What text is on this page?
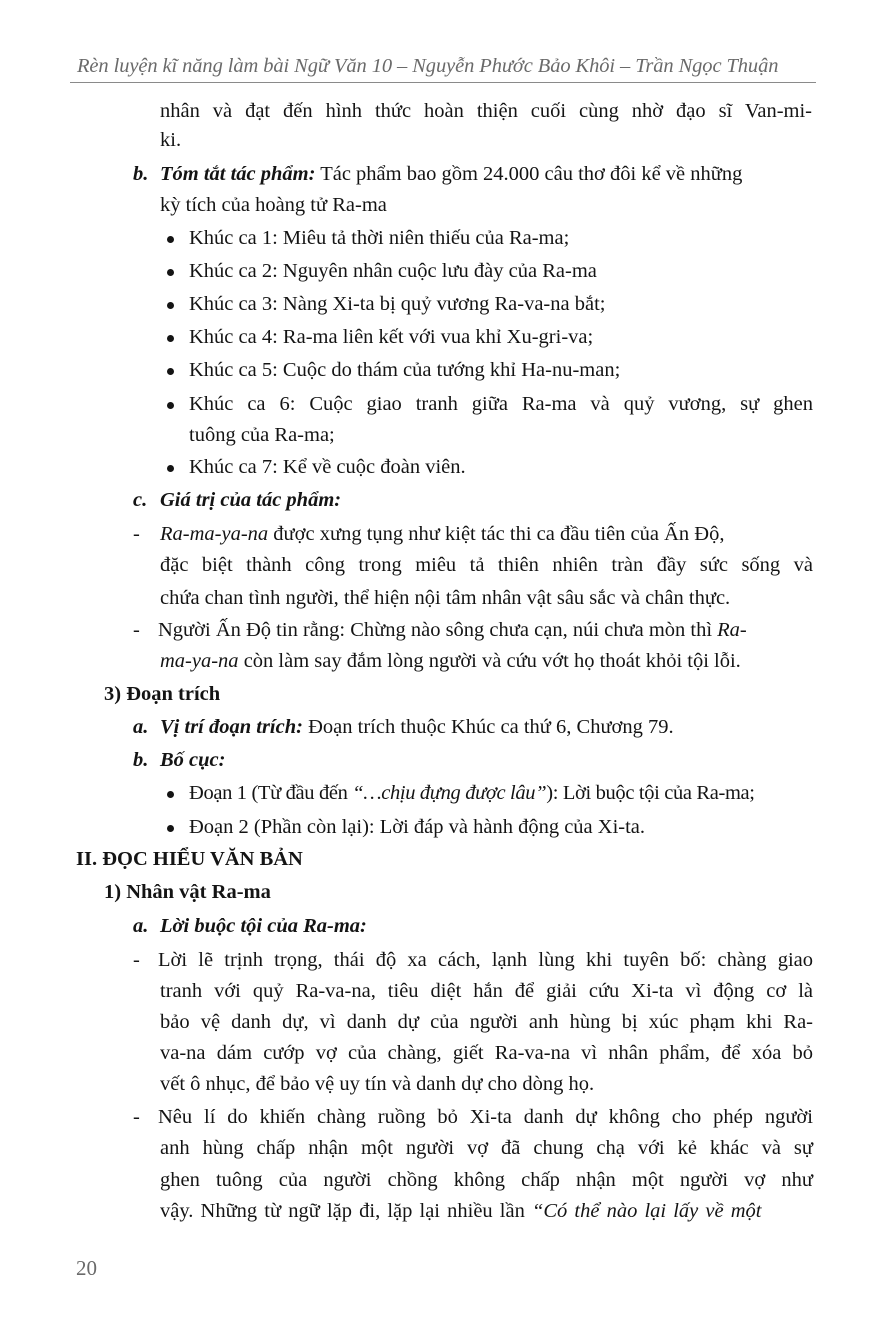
Rèn luyện kĩ năng làm bài Ngữ Văn 10 – Nguyễn Phước Bảo Khôi – Trần Ngọc Thuận
nhân và đạt đến hình thức hoàn thiện cuối cùng nhờ đạo sĩ Van-mi-
ki.
b. Tóm tắt tác phẩm: Tác phẩm bao gồm 24.000 câu thơ đôi kể về những
kỳ tích của hoàng tử Ra-ma
Khúc ca 1: Miêu tả thời niên thiếu của Ra-ma;
Khúc ca 2: Nguyên nhân cuộc lưu đày của Ra-ma
Khúc ca 3: Nàng Xi-ta bị quỷ vương Ra-va-na bắt;
Khúc ca 4: Ra-ma liên kết với vua khỉ Xu-gri-va;
Khúc ca 5: Cuộc do thám của tướng khỉ Ha-nu-man;
Khúc ca 6: Cuộc giao tranh giữa Ra-ma và quỷ vương, sự ghen
tuông của Ra-ma;
Khúc ca 7: Kể về cuộc đoàn viên.
c. Giá trị của tác phẩm:
- Ra-ma-ya-na được xưng tụng như kiệt tác thi ca đầu tiên của Ấn Độ,
đặc biệt thành công trong miêu tả thiên nhiên tràn đầy sức sống và
chứa chan tình người, thể hiện nội tâm nhân vật sâu sắc và chân thực.
- Người Ấn Độ tin rằng: Chừng nào sông chưa cạn, núi chưa mòn thì Ra-
ma-ya-na còn làm say đắm lòng người và cứu vớt họ thoát khỏi tội lỗi.
3) Đoạn trích
a. Vị trí đoạn trích: Đoạn trích thuộc Khúc ca thứ 6, Chương 79.
b. Bố cục:
Đoạn 1 (Từ đầu đến “…chịu đựng được lâu”): Lời buộc tội của Ra-ma;
Đoạn 2 (Phần còn lại): Lời đáp và hành động của Xi-ta.
II. ĐỌC HIỂU VĂN BẢN
1) Nhân vật Ra-ma
a. Lời buộc tội của Ra-ma:
- Lời lẽ trịnh trọng, thái độ xa cách, lạnh lùng khi tuyên bố: chàng giao
tranh với quỷ Ra-va-na, tiêu diệt hắn để giải cứu Xi-ta vì động cơ là
bảo vệ danh dự, vì danh dự của người anh hùng bị xúc phạm khi Ra-
va-na dám cướp vợ của chàng, giết Ra-va-na vì nhân phẩm, để xóa bỏ
vết ô nhục, để bảo vệ uy tín và danh dự cho dòng họ.
- Nêu lí do khiến chàng ruồng bỏ Xi-ta danh dự không cho phép người
anh hùng chấp nhận một người vợ đã chung chạ với kẻ khác và sự
ghen tuông của người chồng không chấp nhận một người vợ như
vậy. Những từ ngữ lặp đi, lặp lại nhiều lần “Có thể nào lại lấy về một
20
